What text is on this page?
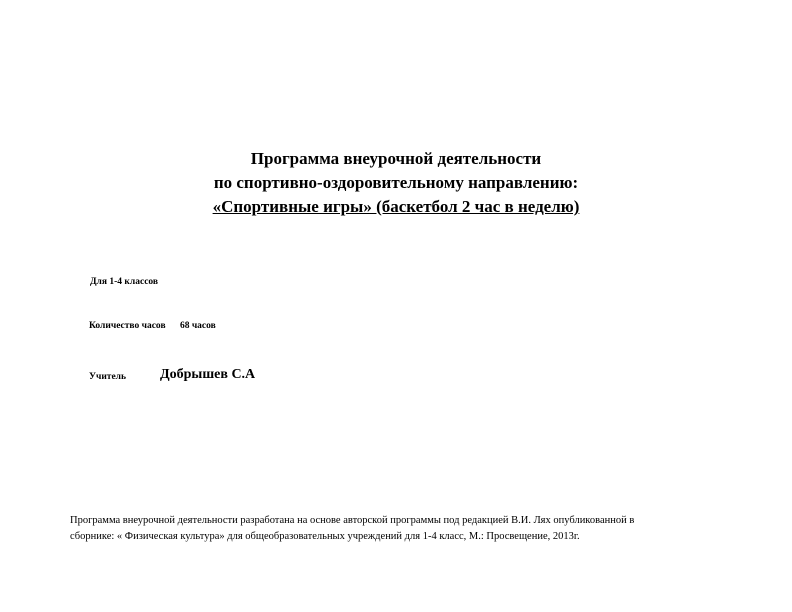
Программа внеурочной деятельности
по спортивно-оздоровительному направлению:
«Спортивные игры» (баскетбол 2 час в неделю)
Для 1-4 классов
Количество часов 68 часов
Учитель Добрышев С.А
Программа внеурочной деятельности разработана на основе авторской программы под редакцией В.И. Лях опубликованной в
сборнике: « Физическая культура» для общеобразовательных учреждений для 1-4 класс, М.: Просвещение, 2013г.
